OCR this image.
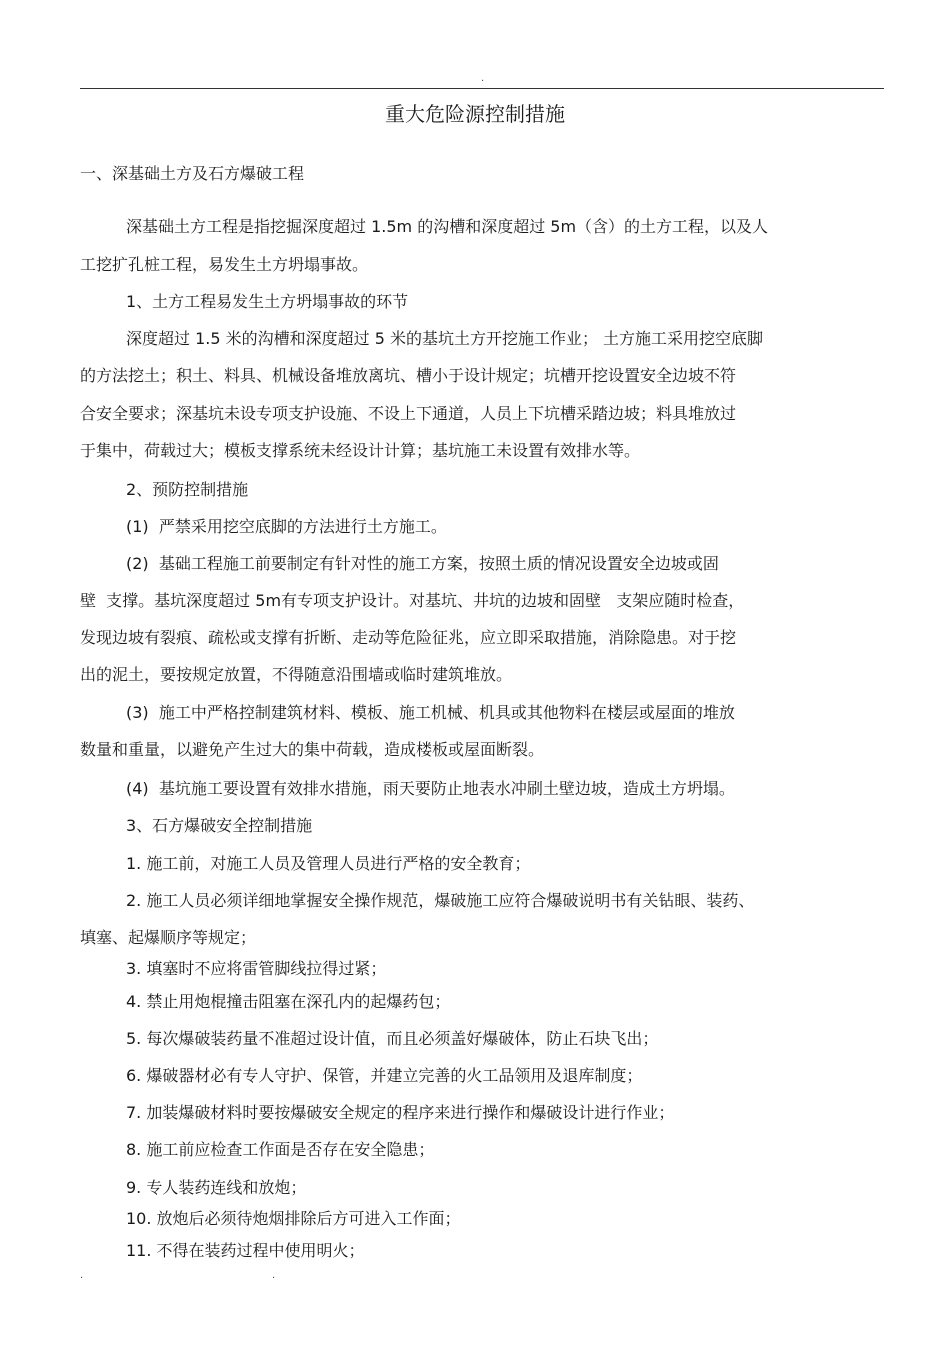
.
重大危险源控制措施
一、深基础土方及石方爆破工程
深基础土方工程是指挖掘深度超过 1.5m 的沟槽和深度超过 5m（含）的土方工程，以及人
工挖扩孔桩工程，易发生土方坍塌事故。
1、土方工程易发生土方坍塌事故的环节
深度超过 1.5 米的沟槽和深度超过 5 米的基坑土方开挖施工作业； 土方施工采用挖空底脚
的方法挖土；积土、料具、机械设备堆放离坑、槽小于设计规定；坑槽开挖设置安全边坡不符
合安全要求；深基坑未设专项支护设施、不设上下通道，人员上下坑槽采踏边坡；料具堆放过
于集中，荷载过大；模板支撑系统未经设计计算；基坑施工未设置有效排水等。
2、预防控制措施
(1)  严禁采用挖空底脚的方法进行土方施工。
(2)  基础工程施工前要制定有针对性的施工方案，按照土质的情况设置安全边坡或固
壁  支撑。基坑深度超过 5m有专项支护设计。对基坑、井坑的边坡和固壁   支架应随时检查，
发现边坡有裂痕、疏松或支撑有折断、走动等危险征兆，应立即采取措施，消除隐患。对于挖
出的泥土，要按规定放置，不得随意沿围墙或临时建筑堆放。
(3)  施工中严格控制建筑材料、模板、施工机械、机具或其他物料在楼层或屋面的堆放
数量和重量，以避免产生过大的集中荷载，造成楼板或屋面断裂。
(4)  基坑施工要设置有效排水措施，雨天要防止地表水冲刷土壁边坡，造成土方坍塌。
3、石方爆破安全控制措施
1. 施工前，对施工人员及管理人员进行严格的安全教育；
2. 施工人员必须详细地掌握安全操作规范，爆破施工应符合爆破说明书有关钻眼、装药、
填塞、起爆顺序等规定；
3. 填塞时不应将雷管脚线拉得过紧；
4. 禁止用炮棍撞击阻塞在深孔内的起爆药包；
5. 每次爆破装药量不准超过设计值，而且必须盖好爆破体，防止石块飞出；
6. 爆破器材必有专人守护、保管，并建立完善的火工品领用及退库制度；
7. 加装爆破材料时要按爆破安全规定的程序来进行操作和爆破设计进行作业；
8. 施工前应检查工作面是否存在安全隐患；
9. 专人装药连线和放炮；
10. 放炮后必须待炮烟排除后方可进入工作面；
11. 不得在装药过程中使用明火；
.	.
